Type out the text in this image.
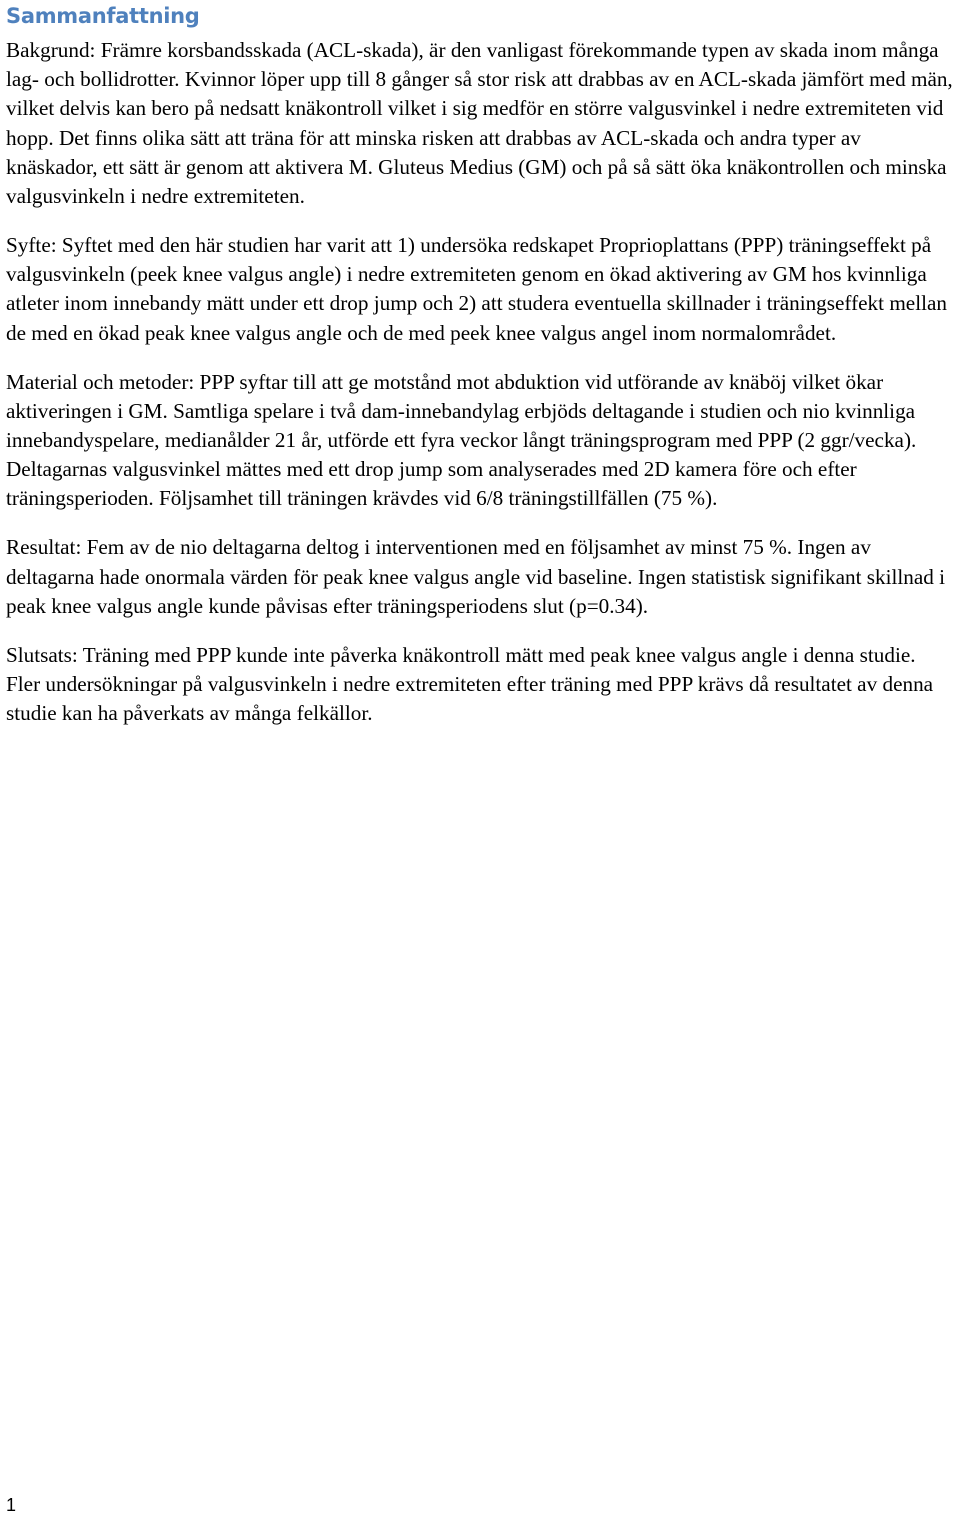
Sammanfattning

Bakgrund: Främre korsbandsskada (ACL-skada), är den vanligast förekommande typen av skada inom många lag- och bollidrotter. Kvinnor löper upp till 8 gånger så stor risk att drabbas av en ACL-skada jämfört med män, vilket delvis kan bero på nedsatt knäkontroll vilket i sig medför en större valgusvinkel i nedre extremiteten vid hopp. Det finns olika sätt att träna för att minska risken att drabbas av ACL-skada och andra typer av knäskador, ett sätt är genom att aktivera M. Gluteus Medius (GM) och på så sätt öka knäkontrollen och minska valgusvinkeln i nedre extremiteten.

Syfte: Syftet med den här studien har varit att 1) undersöka redskapet Proprioplattans (PPP) träningseffekt på valgusvinkeln (peek knee valgus angle) i nedre extremiteten genom en ökad aktivering av GM hos kvinnliga atleter inom innebandy mätt under ett drop jump och 2) att studera eventuella skillnader i träningseffekt mellan de med en ökad peak knee valgus angle och de med peek knee valgus angel inom normalområdet.

Material och metoder: PPP syftar till att ge motstånd mot abduktion vid utförande av knäböj vilket ökar aktiveringen i GM. Samtliga spelare i två dam-innebandylag erbjöds deltagande i studien och nio kvinnliga innebandyspelare, medianålder 21 år, utförde ett fyra veckor långt träningsprogram med PPP (2 ggr/vecka). Deltagarnas valgusvinkel mättes med ett drop jump som analyserades med 2D kamera före och efter träningsperioden. Följsamhet till träningen krävdes vid 6/8 träningstillfällen (75 %).

Resultat: Fem av de nio deltagarna deltog i interventionen med en följsamhet av minst 75 %. Ingen av deltagarna hade onormala värden för peak knee valgus angle vid baseline. Ingen statistisk signifikant skillnad i peak knee valgus angle kunde påvisas efter träningsperiodens slut (p=0.34).

Slutsats: Träning med PPP kunde inte påverka knäkontroll mätt med peak knee valgus angle i denna studie. Fler undersökningar på valgusvinkeln i nedre extremiteten efter träning med PPP krävs då resultatet av denna studie kan ha påverkats av många felkällor.

1
